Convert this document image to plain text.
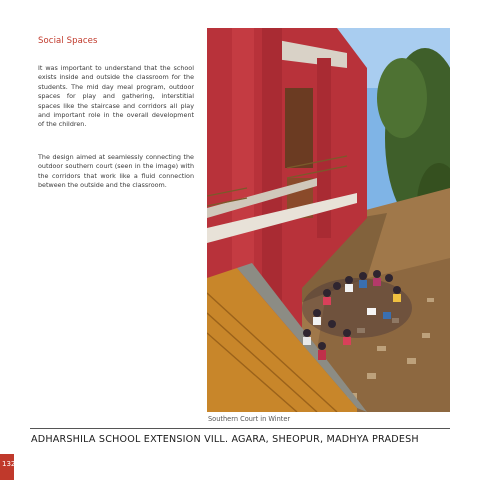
Social Spaces

It was important to understand that the school exists inside and outside the classroom for the students. The mid day meal program, outdoor spaces for play and gathering, interstitial spaces like the staircase and corridors all play and important role in the overall development of the children.

The design aimed at seamlessly connecting the outdoor southern court (seen in the image) with the corridors that work like a fluid connection between the outside and the classroom.

Southern Court in Winter
ADHARSHILA SCHOOL EXTENSION VILL. AGARA, SHEOPUR, MADHYA PRADESH
132
